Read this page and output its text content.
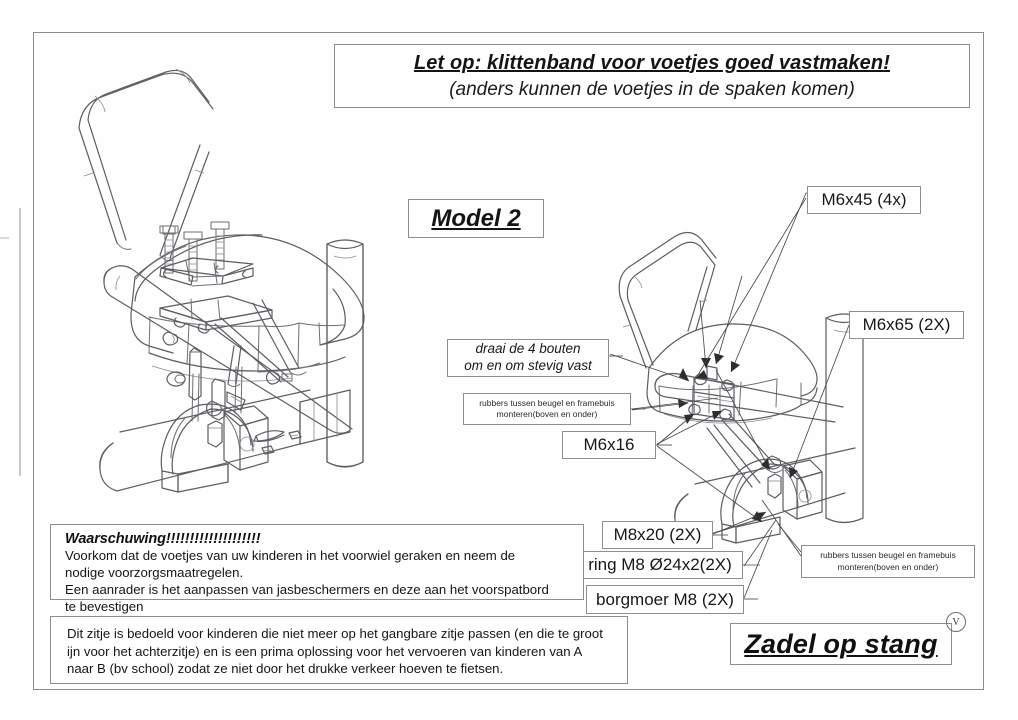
Let op: klittenband voor voetjes goed vastmaken!
(anders kunnen de voetjes in de spaken komen)
Model 2
draai de 4 bouten
om en om stevig vast
rubbers tussen beugel en framebuis
monteren(boven en onder)
rubbers tussen beugel en framebuis
monteren(boven en onder)
M6x45 (4x)
M6x65 (2X)
M6x16
M8x20 (2X)
ring M8 Ø24x2(2X)
borgmoer M8 (2X)
Waarschuwing!!!!!!!!!!!!!!!!!!!!
Voorkom dat de voetjes van uw kinderen in het voorwiel geraken en neem de
nodige voorzorgsmaatregelen.
Een aanrader is het aanpassen van jasbeschermers en deze aan het voorspatbord
te bevestigen
Dit zitje is bedoeld voor kinderen die niet meer op het gangbare zitje passen (en die te groot
ijn voor het achterzitje) en is een prima oplossing voor het vervoeren van kinderen van A
naar B (bv school) zodat ze niet door het drukke verkeer hoeven te fietsen.
Zadel op stang
V
